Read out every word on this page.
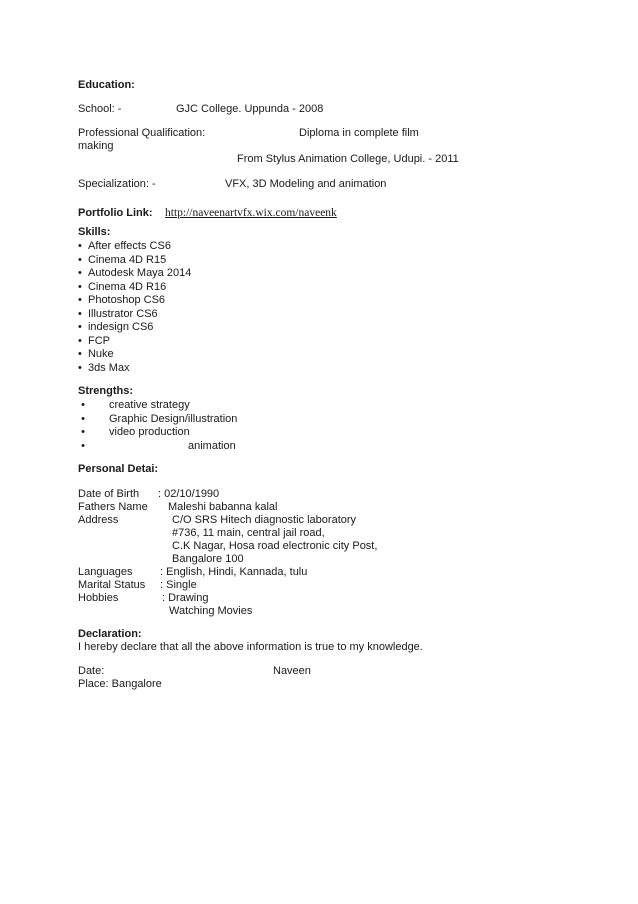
Education:
School: -	GJC College. Uppunda - 2008
Professional Qualification:	Diploma in complete film
making
From Stylus Animation College, Udupi. - 2011
Specialization: -	VFX, 3D Modeling and animation
Portfolio Link: http://naveenartvfx.wix.com/naveenk
Skills:
• After effects CS6
• Cinema 4D R15
• Autodesk Maya 2014
• Cinema 4D R16
• Photoshop CS6
• Illustrator CS6
• indesign CS6
• FCP
• Nuke
• 3ds Max
Strengths:
•	creative strategy
•	Graphic Design/illustration
•	video production
•	animation
Personal Detai:
Date of Birth : 02/10/1990
Fathers Name Maleshi babanna kalal
Address	C/O SRS Hitech diagnostic laboratory
#736, 11 main, central jail road,
C.K Nagar, Hosa road electronic city Post,
Bangalore 100
Languages	: English, Hindi, Kannada, tulu
Marital Status : Single
Hobbies	: Drawing
Watching Movies
Declaration:
I hereby declare that all the above information is true to my knowledge.
Date:	Naveen
Place: Bangalore
